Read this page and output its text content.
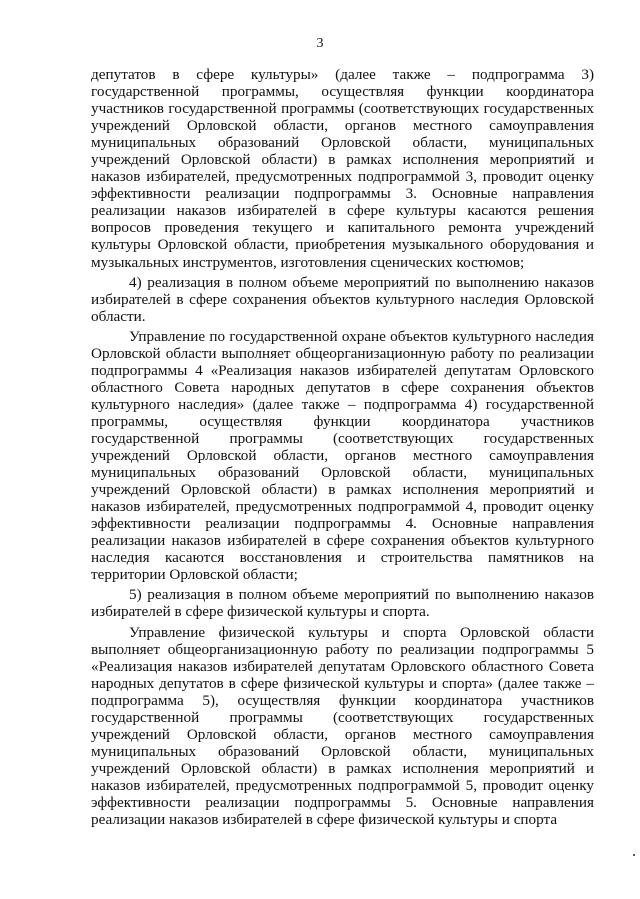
3

депутатов в сфере культуры» (далее также – подпрограмма 3) государственной программы, осуществляя функции координатора участников государственной программы (соответствующих государственных учреждений Орловской области, органов местного самоуправления муниципальных образований Орловской области, муниципальных учреждений Орловской области) в рамках исполнения мероприятий и наказов избирателей, предусмотренных подпрограммой 3, проводит оценку эффективности реализации подпрограммы 3. Основные направления реализации наказов избирателей в сфере культуры касаются решения вопросов проведения текущего и капитального ремонта учреждений культуры Орловской области, приобретения музыкального оборудования и музыкальных инструментов, изготовления сценических костюмов;

4) реализация в полном объеме мероприятий по выполнению наказов избирателей в сфере сохранения объектов культурного наследия Орловской области.

Управление по государственной охране объектов культурного наследия Орловской области выполняет общеорганизационную работу по реализации подпрограммы 4 «Реализация наказов избирателей депутатам Орловского областного Совета народных депутатов в сфере сохранения объектов культурного наследия» (далее также – подпрограмма 4) государственной программы, осуществляя функции координатора участников государственной программы (соответствующих государственных учреждений Орловской области, органов местного самоуправления муниципальных образований Орловской области, муниципальных учреждений Орловской области) в рамках исполнения мероприятий и наказов избирателей, предусмотренных подпрограммой 4, проводит оценку эффективности реализации подпрограммы 4. Основные направления реализации наказов избирателей в сфере сохранения объектов культурного наследия касаются восстановления и строительства памятников на территории Орловской области;

5) реализация в полном объеме мероприятий по выполнению наказов избирателей в сфере физической культуры и спорта.

Управление физической культуры и спорта Орловской области выполняет общеорганизационную работу по реализации подпрограммы 5 «Реализация наказов избирателей депутатам Орловского областного Совета народных депутатов в сфере физической культуры и спорта» (далее также – подпрограмма 5), осуществляя функции координатора участников государственной программы (соответствующих государственных учреждений Орловской области, органов местного самоуправления муниципальных образований Орловской области, муниципальных учреждений Орловской области) в рамках исполнения мероприятий и наказов избирателей, предусмотренных подпрограммой 5, проводит оценку эффективности реализации подпрограммы 5. Основные направления реализации наказов избирателей в сфере физической культуры и спорта
